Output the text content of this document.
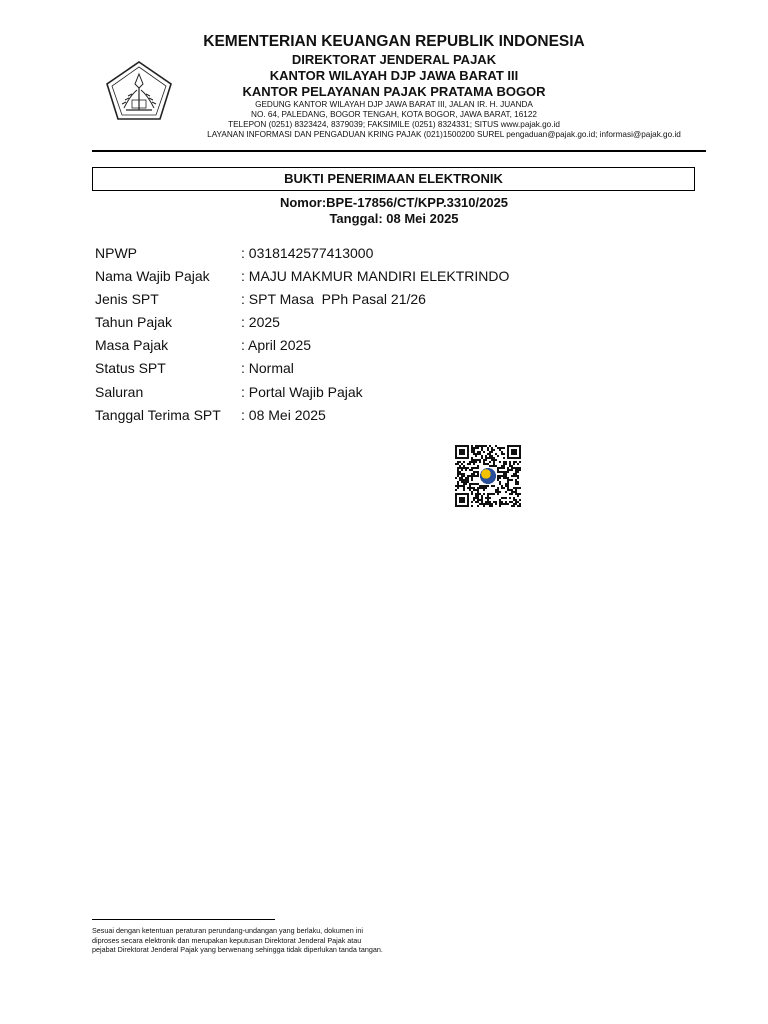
KEMENTERIAN KEUANGAN REPUBLIK INDONESIA
DIREKTORAT JENDERAL PAJAK
KANTOR WILAYAH DJP JAWA BARAT III
KANTOR PELAYANAN PAJAK PRATAMA BOGOR
GEDUNG KANTOR WILAYAH DJP JAWA BARAT III, JALAN IR. H. JUANDA
NO. 64, PALEDANG, BOGOR TENGAH, KOTA BOGOR, JAWA BARAT, 16122
TELEPON (0251) 8323424, 8379039; FAKSIMILE (0251) 8324331; SITUS www.pajak.go.id
LAYANAN INFORMASI DAN PENGADUAN KRING PAJAK (021)1500200 SUREL pengaduan@pajak.go.id; informasi@pajak.go.id
BUKTI PENERIMAAN ELEKTRONIK
Nomor:BPE-17856/CT/KPP.3310/2025
Tanggal: 08 Mei 2025
NPWP	: 0318142577413000
Nama Wajib Pajak : MAJU MAKMUR MANDIRI ELEKTRINDO
Jenis SPT	: SPT Masa  PPh Pasal 21/26
Tahun Pajak	: 2025
Masa Pajak	: April 2025
Status SPT	: Normal
Saluran	: Portal Wajib Pajak
Tanggal Terima SPT : 08 Mei 2025
Sesuai dengan ketentuan peraturan perundang-undangan yang berlaku, dokumen ini
diproses secara elektronik dan merupakan keputusan Direktorat Jenderal Pajak atau
pejabat Direktorat Jenderal Pajak yang berwenang sehingga tidak diperlukan tanda tangan.
